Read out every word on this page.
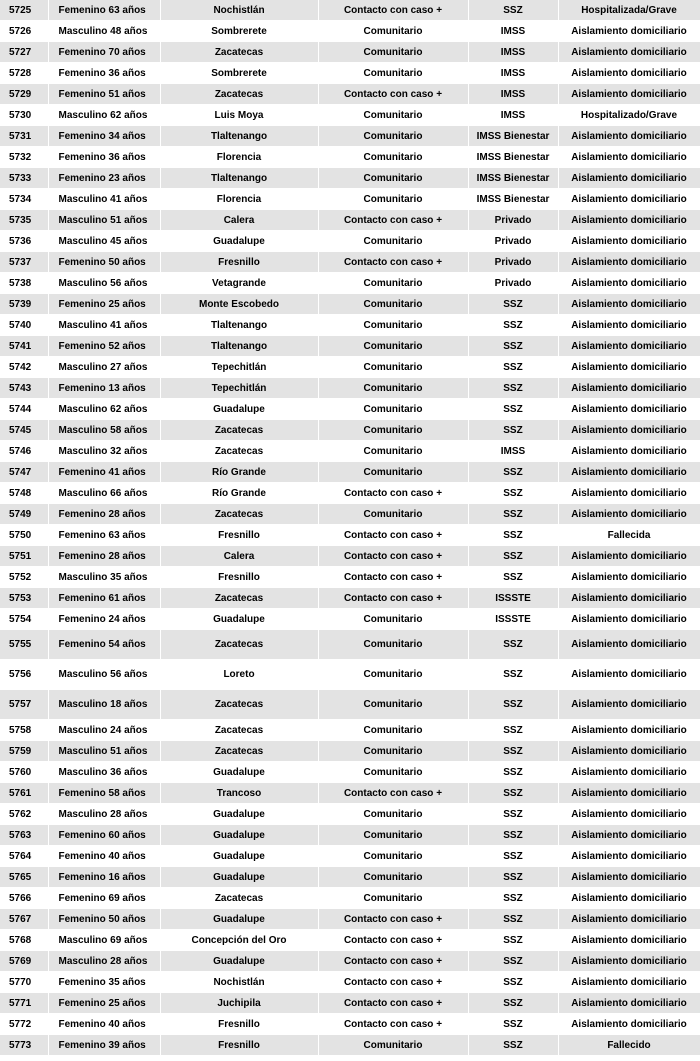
5725	Femenino 63 años	Nochistlán	Contacto con caso +	SSZ	Hospitalizada/Grave
5726	Masculino 48 años	Sombrerete	Comunitario	IMSS	Aislamiento domiciliario
5727	Femenino 70 años	Zacatecas	Comunitario	IMSS	Aislamiento domiciliario
5728	Femenino 36 años	Sombrerete	Comunitario	IMSS	Aislamiento domiciliario
5729	Femenino 51 años	Zacatecas	Contacto con caso +	IMSS	Aislamiento domiciliario
5730	Masculino 62 años	Luis Moya	Comunitario	IMSS	Hospitalizado/Grave
5731	Femenino 34 años	Tlaltenango	Comunitario	IMSS Bienestar	Aislamiento domiciliario
5732	Femenino 36 años	Florencia	Comunitario	IMSS Bienestar	Aislamiento domiciliario
5733	Femenino 23 años	Tlaltenango	Comunitario	IMSS Bienestar	Aislamiento domiciliario
5734	Masculino 41 años	Florencia	Comunitario	IMSS Bienestar	Aislamiento domiciliario
5735	Masculino 51 años	Calera	Contacto con caso +	Privado	Aislamiento domiciliario
5736	Masculino 45 años	Guadalupe	Comunitario	Privado	Aislamiento domiciliario
5737	Femenino 50 años	Fresnillo	Contacto con caso +	Privado	Aislamiento domiciliario
5738	Masculino 56 años	Vetagrande	Comunitario	Privado	Aislamiento domiciliario
5739	Femenino 25 años	Monte Escobedo	Comunitario	SSZ	Aislamiento domiciliario
5740	Masculino 41 años	Tlaltenango	Comunitario	SSZ	Aislamiento domiciliario
5741	Femenino 52 años	Tlaltenango	Comunitario	SSZ	Aislamiento domiciliario
5742	Masculino 27 años	Tepechitlán	Comunitario	SSZ	Aislamiento domiciliario
5743	Femenino 13 años	Tepechitlán	Comunitario	SSZ	Aislamiento domiciliario
5744	Masculino 62 años	Guadalupe	Comunitario	SSZ	Aislamiento domiciliario
5745	Masculino 58 años	Zacatecas	Comunitario	SSZ	Aislamiento domiciliario
5746	Masculino 32 años	Zacatecas	Comunitario	IMSS	Aislamiento domiciliario
5747	Femenino 41 años	Río Grande	Comunitario	SSZ	Aislamiento domiciliario
5748	Masculino 66 años	Río Grande	Contacto con caso +	SSZ	Aislamiento domiciliario
5749	Femenino 28 años	Zacatecas	Comunitario	SSZ	Aislamiento domiciliario
5750	Femenino 63 años	Fresnillo	Contacto con caso +	SSZ	Fallecida
5751	Femenino 28 años	Calera	Contacto con caso +	SSZ	Aislamiento domiciliario
5752	Masculino 35 años	Fresnillo	Contacto con caso +	SSZ	Aislamiento domiciliario
5753	Femenino 61 años	Zacatecas	Contacto con caso +	ISSSTE	Aislamiento domiciliario
5754	Femenino 24 años	Guadalupe	Comunitario	ISSSTE	Aislamiento domiciliario
5755	Femenino 54 años	Zacatecas	Comunitario	SSZ	Aislamiento domiciliario
5756	Masculino 56 años	Loreto	Comunitario	SSZ	Aislamiento domiciliario
5757	Masculino 18 años	Zacatecas	Comunitario	SSZ	Aislamiento domiciliario
5758	Masculino 24 años	Zacatecas	Comunitario	SSZ	Aislamiento domiciliario
5759	Masculino 51 años	Zacatecas	Comunitario	SSZ	Aislamiento domiciliario
5760	Masculino 36 años	Guadalupe	Comunitario	SSZ	Aislamiento domiciliario
5761	Femenino 58 años	Trancoso	Contacto con caso +	SSZ	Aislamiento domiciliario
5762	Masculino 28 años	Guadalupe	Comunitario	SSZ	Aislamiento domiciliario
5763	Femenino 60 años	Guadalupe	Comunitario	SSZ	Aislamiento domiciliario
5764	Femenino 40 años	Guadalupe	Comunitario	SSZ	Aislamiento domiciliario
5765	Femenino 16 años	Guadalupe	Comunitario	SSZ	Aislamiento domiciliario
5766	Femenino 69 años	Zacatecas	Comunitario	SSZ	Aislamiento domiciliario
5767	Femenino 50 años	Guadalupe	Contacto con caso +	SSZ	Aislamiento domiciliario
5768	Masculino 69 años	Concepción del Oro	Contacto con caso +	SSZ	Aislamiento domiciliario
5769	Masculino 28 años	Guadalupe	Contacto con caso +	SSZ	Aislamiento domiciliario
5770	Femenino 35 años	Nochistlán	Contacto con caso +	SSZ	Aislamiento domiciliario
5771	Femenino 25 años	Juchipila	Contacto con caso +	SSZ	Aislamiento domiciliario
5772	Femenino 40 años	Fresnillo	Contacto con caso +	SSZ	Aislamiento domiciliario
5773	Femenino 39 años	Fresnillo	Comunitario	SSZ	Fallecido
